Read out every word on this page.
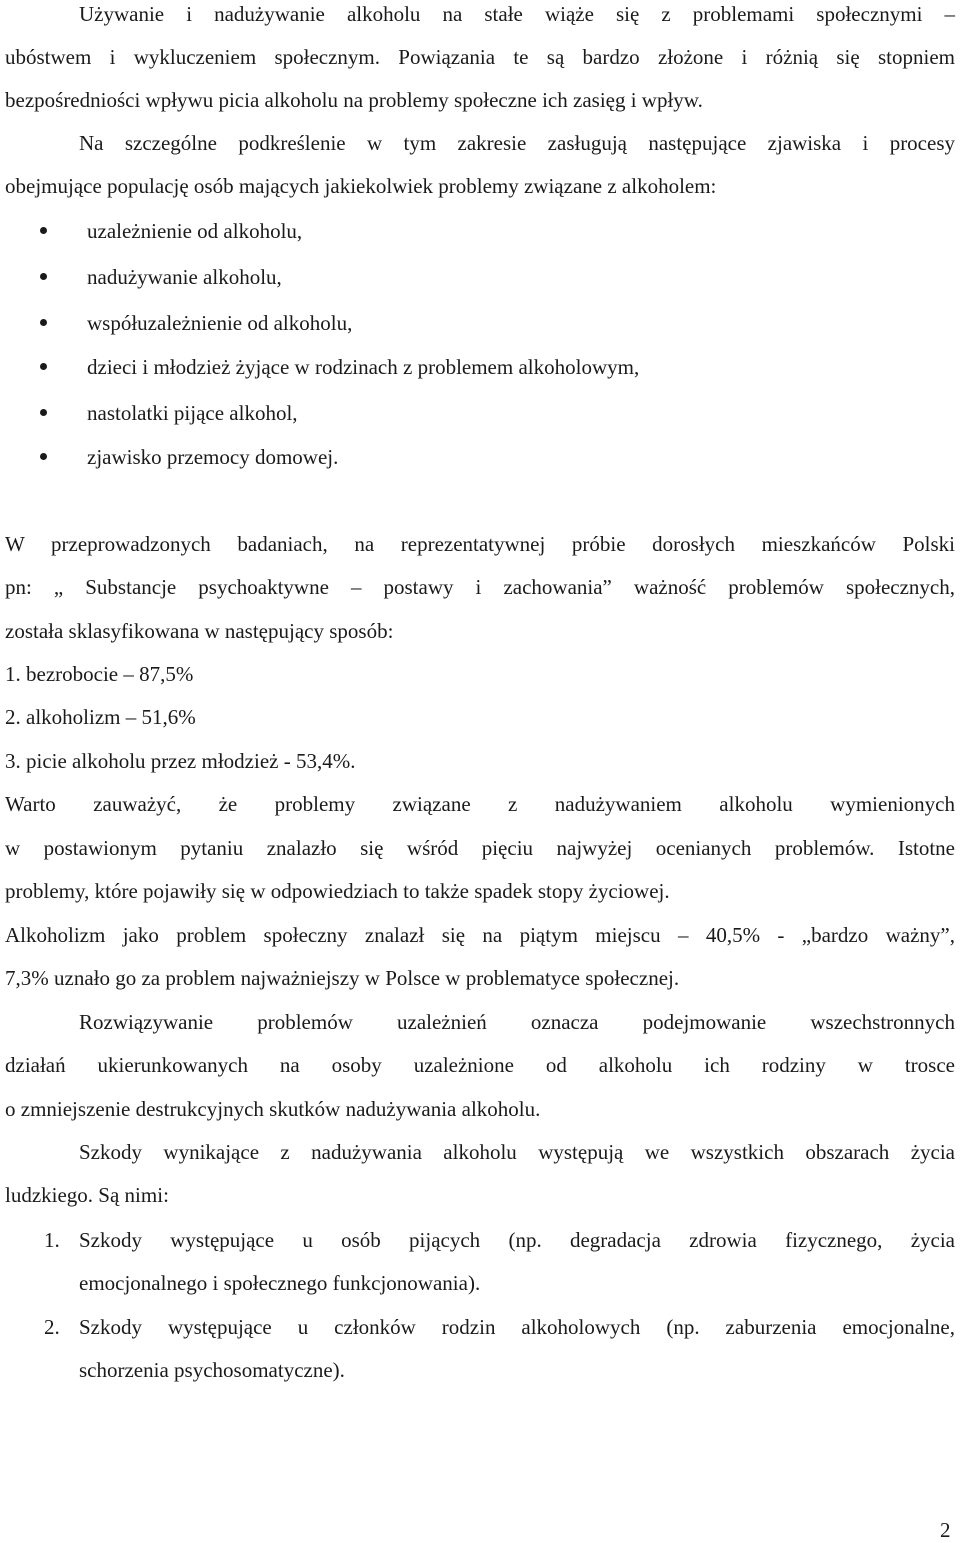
Używanie i nadużywanie alkoholu na stałe wiąże się z problemami społecznymi –
ubóstwem i wykluczeniem społecznym. Powiązania te są bardzo złożone i różnią się stopniem
bezpośredniości wpływu picia alkoholu na problemy społeczne ich zasięg i wpływ.
Na szczególne podkreślenie w tym zakresie zasługują następujące zjawiska i procesy
obejmujące populację osób mających jakiekolwiek problemy związane z alkoholem:
uzależnienie od alkoholu,
nadużywanie alkoholu,
współuzależnienie od alkoholu,
dzieci i młodzież żyjące w rodzinach z problemem alkoholowym,
nastolatki pijące alkohol,
zjawisko przemocy domowej.
W przeprowadzonych badaniach, na reprezentatywnej próbie dorosłych mieszkańców Polski
pn: „ Substancje psychoaktywne – postawy i zachowania” ważność problemów społecznych,
została sklasyfikowana w następujący sposób:
1. bezrobocie – 87,5%
2. alkoholizm – 51,6%
3. picie alkoholu przez młodzież - 53,4%.
Warto zauważyć, że problemy związane z nadużywaniem alkoholu wymienionych
w postawionym pytaniu znalazło się wśród pięciu najwyżej ocenianych problemów. Istotne
problemy, które pojawiły się w odpowiedziach to także spadek stopy życiowej.
Alkoholizm jako problem społeczny znalazł się na piątym miejscu – 40,5% - „bardzo ważny”,
7,3% uznało go za problem najważniejszy w Polsce w problematyce społecznej.
Rozwiązywanie problemów uzależnień oznacza podejmowanie wszechstronnych
działań ukierunkowanych na osoby uzależnione od alkoholu ich rodziny w trosce
o zmniejszenie destrukcyjnych skutków nadużywania alkoholu.
Szkody wynikające z nadużywania alkoholu występują we wszystkich obszarach życia
ludzkiego. Są nimi:
1. Szkody występujące u osób pijących (np. degradacja zdrowia fizycznego, życia
emocjonalnego i społecznego funkcjonowania).
2. Szkody występujące u członków rodzin alkoholowych (np. zaburzenia emocjonalne,
schorzenia psychosomatyczne).
2
